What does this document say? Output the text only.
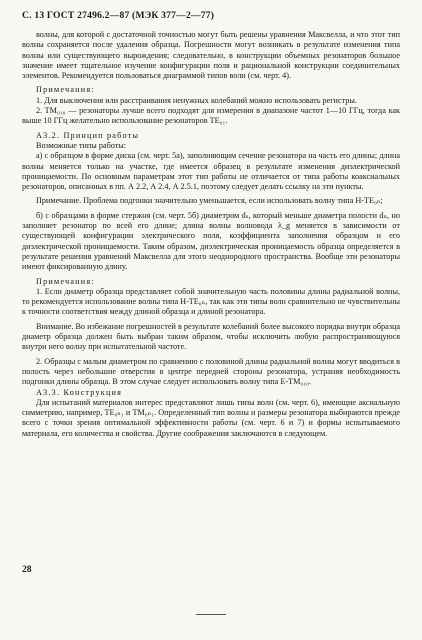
С. 13 ГОСТ 27496.2—87 (МЭК 377—2—77)

волны, для которой с достаточной точностью могут быть решены уравнения Максвелла, и что этот тип волны сохраняется после удаления образца. Погрешности могут возникать в результате изменения типа волны или существующего вырождения; следовательно, в конструкции объемных резонаторов большое значение имеет тщательное изучение конфигурации поля и рациональной конструкции соединительных элементов. Рекомендуется пользоваться диаграммой типов волн (см. черт. 4).

Примечания:

1. Для выключения или расстраивания ненужных колебаний можно использовать регистры.

2. TM₀₁₀ — резонаторы лучше всего подходят для измерения в диапазоне частот 1—10 ГГц, тогда как выше 10 ГГц желательно использование резонаторов TE₀₁.

А3.2. Принцип работы

Возможные типы работы:

а) с образцом в форме диска (см. черт. 5а), заполняющим сечение резонатора на часть его длины; длина волны меняется только на участке, где имеется образец в результате изменения диэлектрической проницаемости. По основным параметрам этот тип работы не отличается от типа работы коаксиальных резонаторов, описанных в пп. А 2.2, А 2.4, А 2.5.1, поэтому следует делать ссылку на эти пункты.

Примечание. Проблема подгонки значительно уменьшается, если использовать волну типа H-TE₀ₙ;

б) с образцами в форме стержня (см. черт. 5б) диаметром dₛ, который меньше диаметра полости dₙ, но заполняет резонатор по всей его длине; длина волны волновода λ_g меняется в зависимости от существующей конфигурации электрического поля, коэффициента заполнения образцом и его диэлектрической проницаемости. Таким образом, диэлектрическая проницаемость образца определяется в результате решения уравнений Максвелла для этого неоднородного пространства. Вообще эти резонаторы имеют фиксированную длину.

Примечания:

1. Если диаметр образца представляет собой значительную часть половины длины радиальной волны, то рекомендуется использование волны типа H-TE₀ₙ, так как эти типы волн сравнительно не чувствительны к точности соответствия между длиной образца и длиной резонатора.

Внимание. Во избежание погрешностей в результате колебаний более высокого порядка внутри образца диаметр образца должен быть выбран таким образом, чтобы исключить любую распространяющуюся внутри него волну при испытательной частоте.

2. Образцы с малым диаметром по сравнению с половиной длины радиальной волны могут вводиться в полость через небольшие отверстия в центре передней стороны резонатора, устраняя необходимость подгонки длины образца. В этом случае следует использовать волну типа E-TM₀₁₀.

А3.3. Конструкция

Для испытаний материалов интерес представляют лишь типы волн (см. черт. 6), имеющие аксиальную симметрию, например, TE₀ₙ₁ и TM₀ₙ₁. Определенный тип волны и размеры резонатора выбираются прежде всего с точки зрения оптимальной эффективности работы (см. черт. 6 и 7) и формы испытываемого материала, его количества и свойства. Другие соображения заключаются в следующем.

28
